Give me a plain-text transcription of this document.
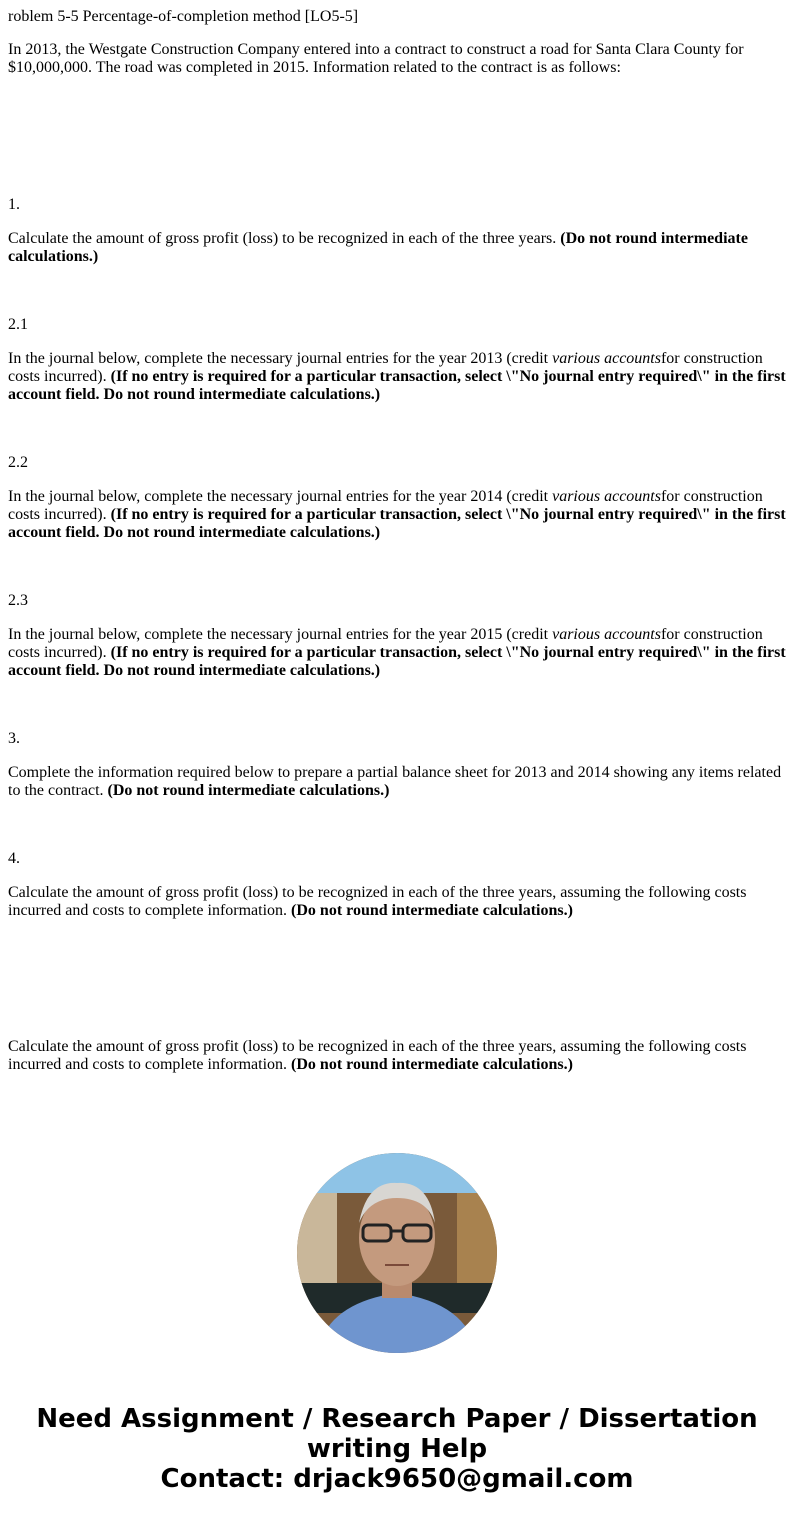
roblem 5-5 Percentage-of-completion method [LO5-5]

In 2013, the Westgate Construction Company entered into a contract to construct a road for Santa Clara County for $10,000,000. The road was completed in 2015. Information related to the contract is as follows:

1.

Calculate the amount of gross profit (loss) to be recognized in each of the three years. (Do not round intermediate calculations.)

2.1

In the journal below, complete the necessary journal entries for the year 2013 (credit various accountsfor construction costs incurred). (If no entry is required for a particular transaction, select \"No journal entry required\" in the first account field. Do not round intermediate calculations.)

2.2

In the journal below, complete the necessary journal entries for the year 2014 (credit various accountsfor construction costs incurred). (If no entry is required for a particular transaction, select \"No journal entry required\" in the first account field. Do not round intermediate calculations.)

2.3

In the journal below, complete the necessary journal entries for the year 2015 (credit various accountsfor construction costs incurred). (If no entry is required for a particular transaction, select \"No journal entry required\" in the first account field. Do not round intermediate calculations.)

3.

Complete the information required below to prepare a partial balance sheet for 2013 and 2014 showing any items related to the contract. (Do not round intermediate calculations.)

4.

Calculate the amount of gross profit (loss) to be recognized in each of the three years, assuming the following costs incurred and costs to complete information. (Do not round intermediate calculations.)

Calculate the amount of gross profit (loss) to be recognized in each of the three years, assuming the following costs incurred and costs to complete information. (Do not round intermediate calculations.)

Need Assignment / Research Paper / Dissertation
writing Help
Contact: drjack9650@gmail.com
